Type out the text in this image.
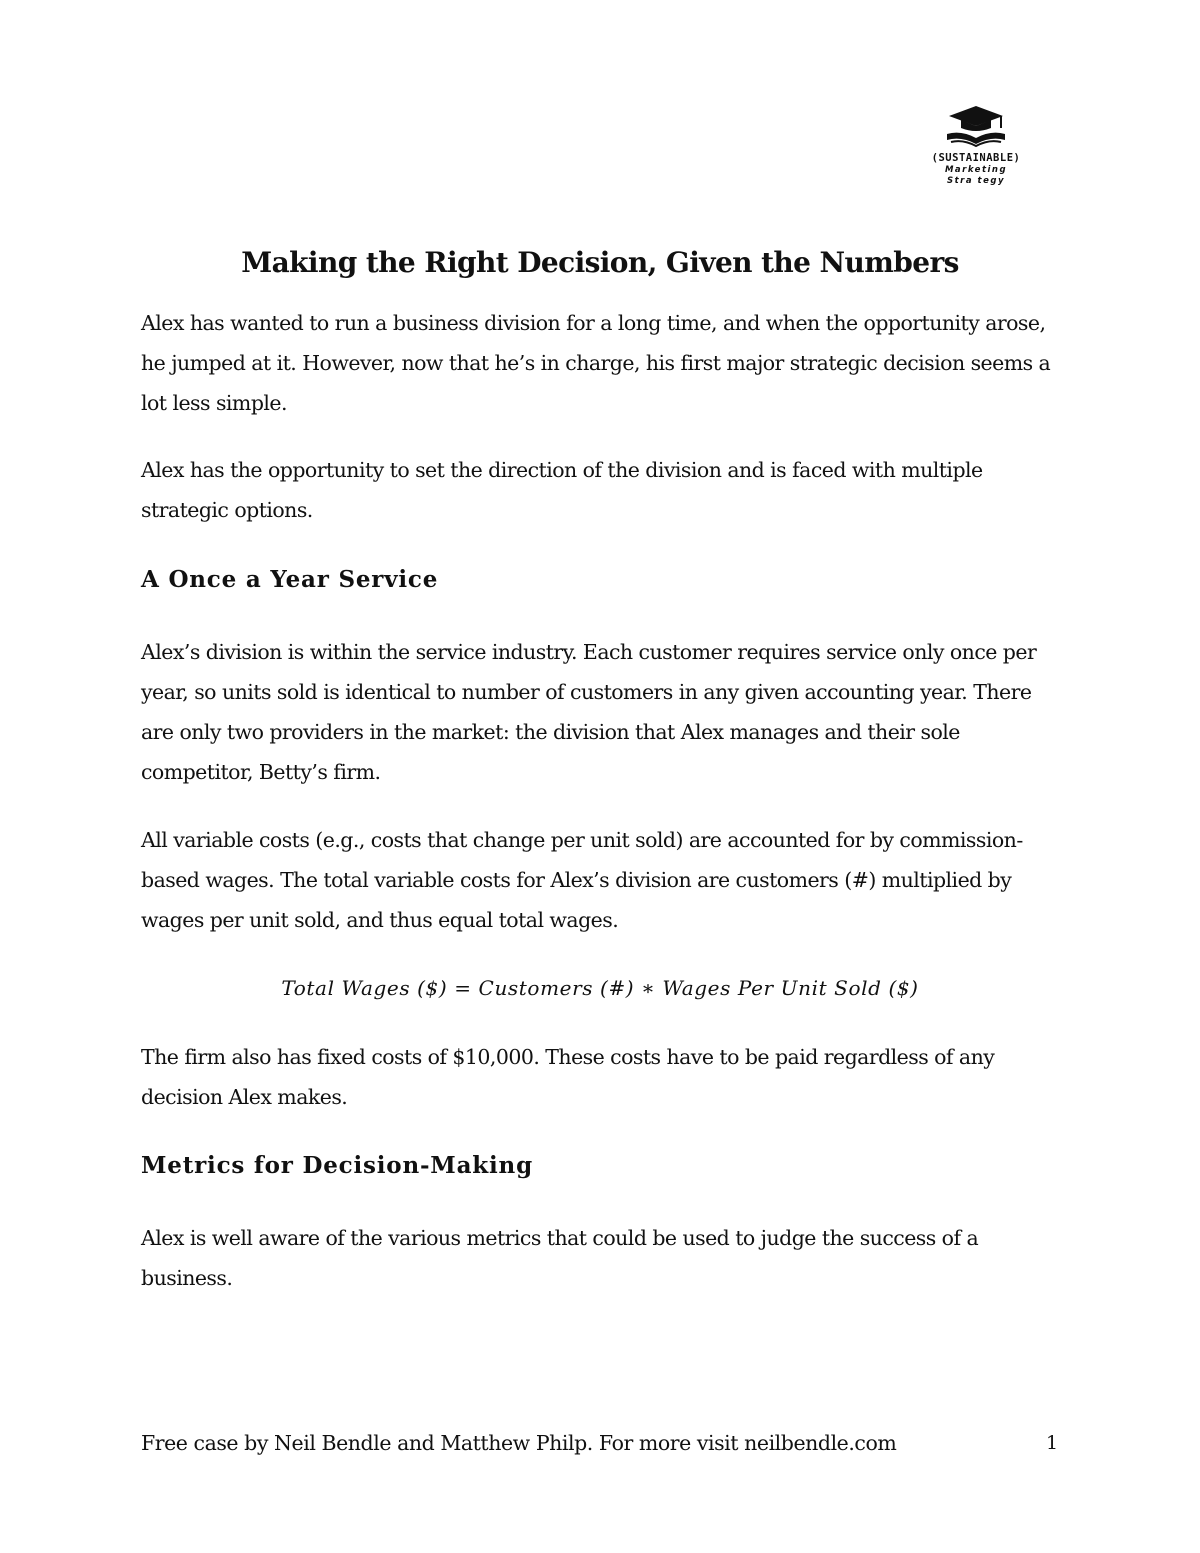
(SUSTAINABLE)
Marketing
Stra tegy
Making the Right Decision, Given the Numbers

Alex has wanted to run a business division for a long time, and when the opportunity arose, he jumped at it. However, now that he’s in charge, his first major strategic decision seems a lot less simple.

Alex has the opportunity to set the direction of the division and is faced with multiple strategic options.

A Once a Year Service

Alex’s division is within the service industry. Each customer requires service only once per year, so units sold is identical to number of customers in any given accounting year. There are only two providers in the market: the division that Alex manages and their sole competitor, Betty’s firm.

All variable costs (e.g., costs that change per unit sold) are accounted for by commission-based wages. The total variable costs for Alex’s division are customers (#) multiplied by wages per unit sold, and thus equal total wages.

The firm also has fixed costs of $10,000. These costs have to be paid regardless of any decision Alex makes.

Metrics for Decision-Making

Alex is well aware of the various metrics that could be used to judge the success of a business.

Total Wages ($) = Customers (#) ∗ Wages Per Unit Sold ($)
Free case by Neil Bendle and Matthew Philp. For more visit neilbendle.com	1
